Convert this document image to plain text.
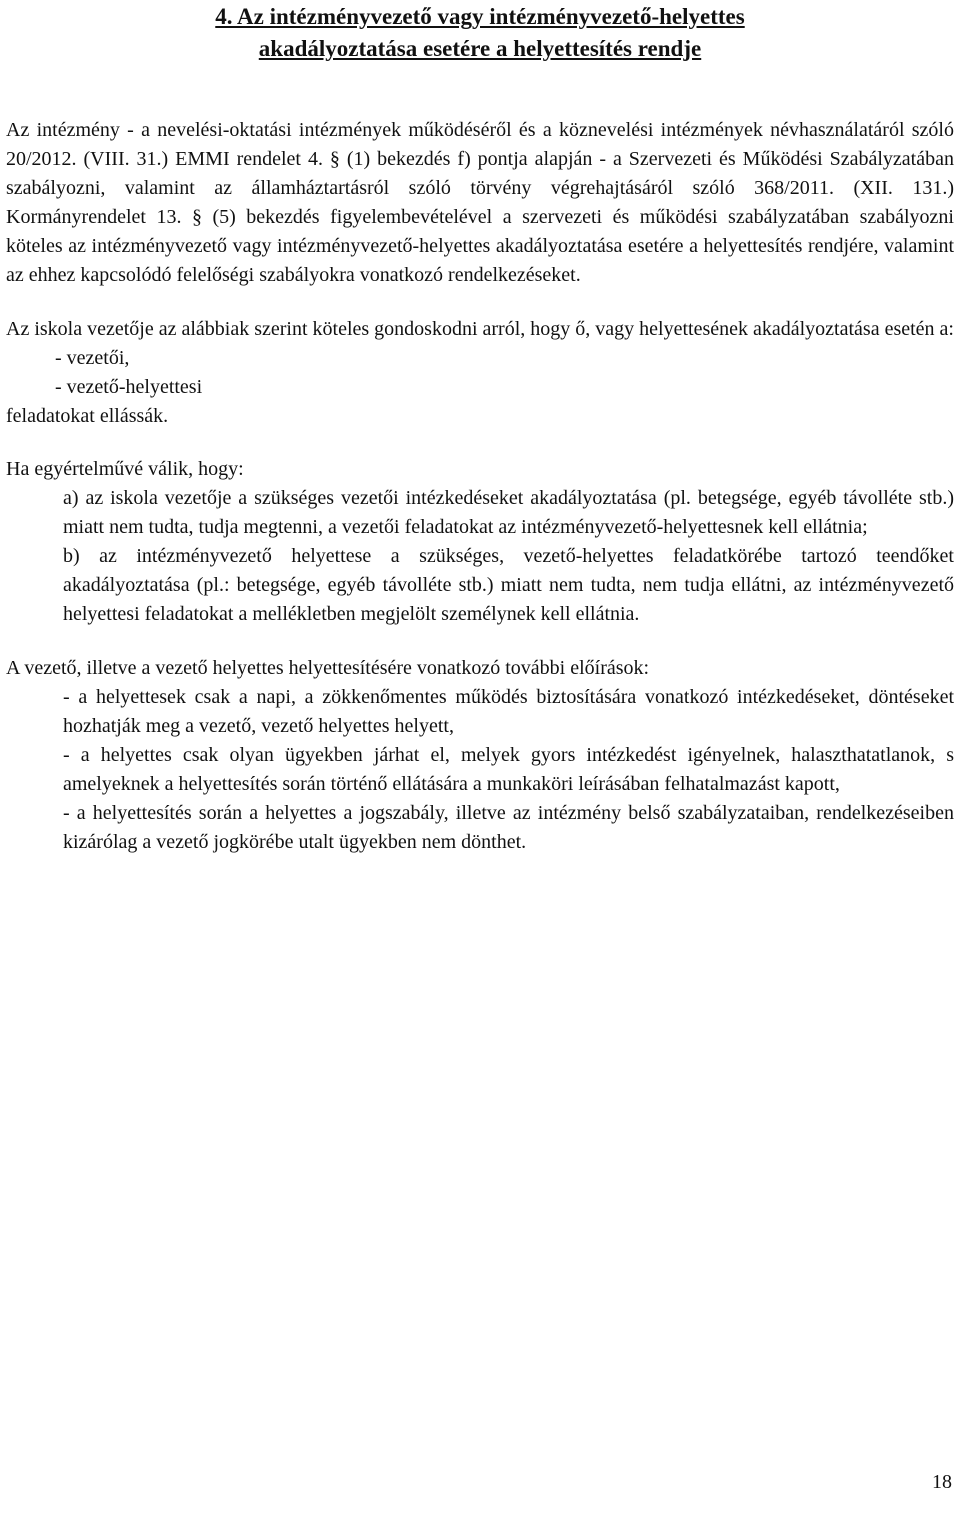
4. Az intézményvezető vagy intézményvezető-helyettes
akadályoztatása esetére a helyettesítés rendje

Az intézmény - a nevelési-oktatási intézmények működéséről és a köznevelési intézmények névhasználatáról szóló 20/2012. (VIII. 31.) EMMI rendelet 4. § (1) bekezdés f) pontja alapján - a Szervezeti és Működési Szabályzatában szabályozni, valamint az államháztartásról szóló törvény végrehajtásáról szóló 368/2011. (XII. 131.) Kormányrendelet 13. § (5) bekezdés figyelembevételével a szervezeti és működési szabályzatában szabályozni köteles az intézményvezető vagy intézményvezető-helyettes akadályoztatása esetére a helyettesítés rendjére, valamint az ehhez kapcsolódó felelőségi szabályokra vonatkozó rendelkezéseket.

Az iskola vezetője az alábbiak szerint köteles gondoskodni arról, hogy ő, vagy helyettesének akadályoztatása esetén a:

- vezetői,

- vezető-helyettesi

feladatokat ellássák.

Ha egyértelművé válik, hogy:

a) az iskola vezetője a szükséges vezetői intézkedéseket akadályoztatása (pl. betegsége, egyéb távolléte stb.) miatt nem tudta, tudja megtenni, a vezetői feladatokat az intézményvezető-helyettesnek kell ellátnia;

b) az intézményvezető helyettese a szükséges, vezető-helyettes feladatkörébe tartozó teendőket akadályoztatása (pl.: betegsége, egyéb távolléte stb.) miatt nem tudta, nem tudja ellátni, az intézményvezető helyettesi feladatokat a mellékletben megjelölt személynek kell ellátnia.

A vezető, illetve a vezető helyettes helyettesítésére vonatkozó további előírások:

- a helyettesek csak a napi, a zökkenőmentes működés biztosítására vonatkozó intézkedéseket, döntéseket hozhatják meg a vezető, vezető helyettes helyett,

- a helyettes csak olyan ügyekben járhat el, melyek gyors intézkedést igényelnek, halaszthatatlanok, s amelyeknek a helyettesítés során történő ellátására a munkaköri leírásában felhatalmazást kapott,

- a helyettesítés során a helyettes a jogszabály, illetve az intézmény belső szabályzataiban, rendelkezéseiben kizárólag a vezető jogkörébe utalt ügyekben nem dönthet.

18
